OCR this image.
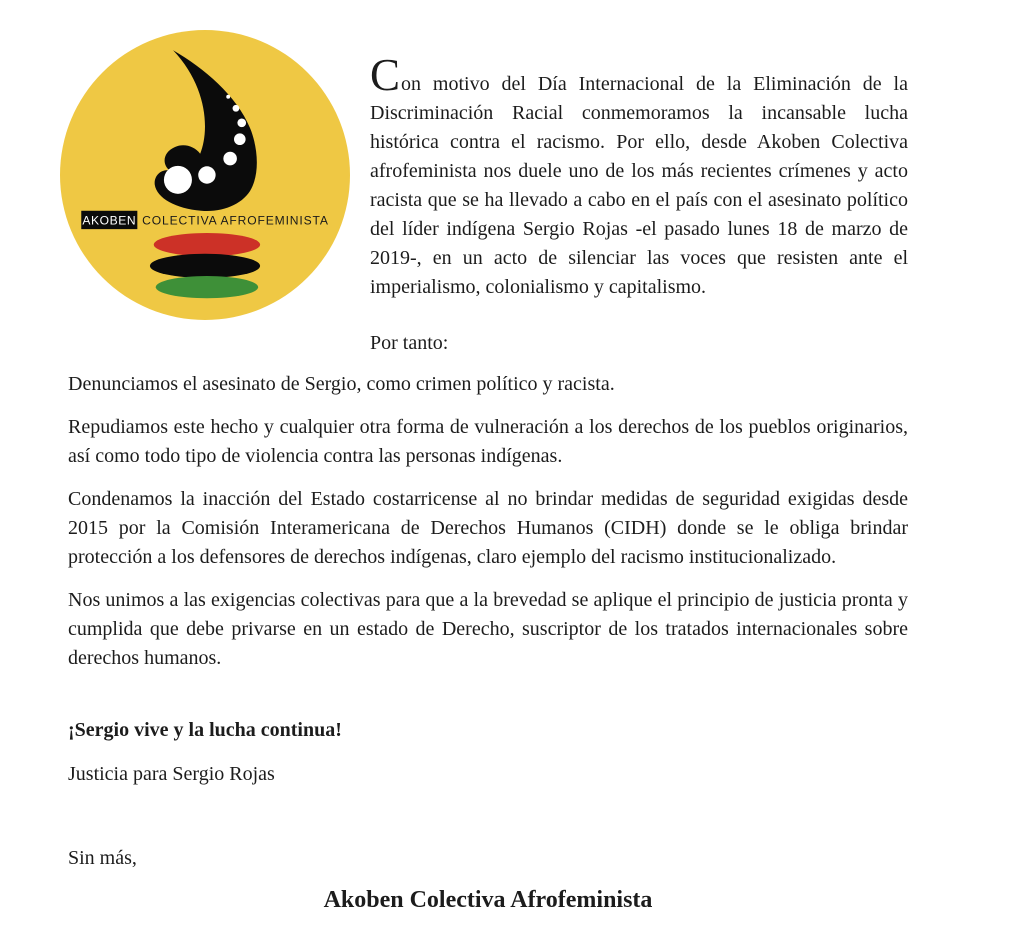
AKOBEN COLECTIVA AFROFEMINISTA

Con motivo del Día Internacional de la Eliminación de la Discriminación Racial conmemoramos la incansable lucha histórica contra el racismo. Por ello, desde Akoben Colectiva afrofeminista nos duele uno de los más recientes crímenes y acto racista que se ha llevado a cabo en el país con el asesinato político del líder indígena Sergio Rojas -el pasado lunes 18 de marzo de 2019-, en un acto de silenciar las voces que resisten ante el imperialismo, colonialismo y capitalismo.

Por tanto:

Denunciamos el asesinato de Sergio, como crimen político y racista.

Repudiamos este hecho y cualquier otra forma de vulneración a los derechos de los pueblos originarios, así como todo tipo de violencia contra las personas indígenas.

Condenamos la inacción del Estado costarricense al no brindar medidas de seguridad exigidas desde 2015 por la Comisión Interamericana de Derechos Humanos (CIDH) donde se le obliga brindar protección a los defensores de derechos indígenas, claro ejemplo del racismo institucionalizado.

Nos unimos a las exigencias colectivas para que a la brevedad se aplique el principio de justicia pronta y cumplida que debe privarse en un estado de Derecho, suscriptor de los tratados internacionales sobre derechos humanos.

¡Sergio vive y la lucha continua!

Justicia para Sergio Rojas

Sin más,

Akoben Colectiva Afrofeminista
